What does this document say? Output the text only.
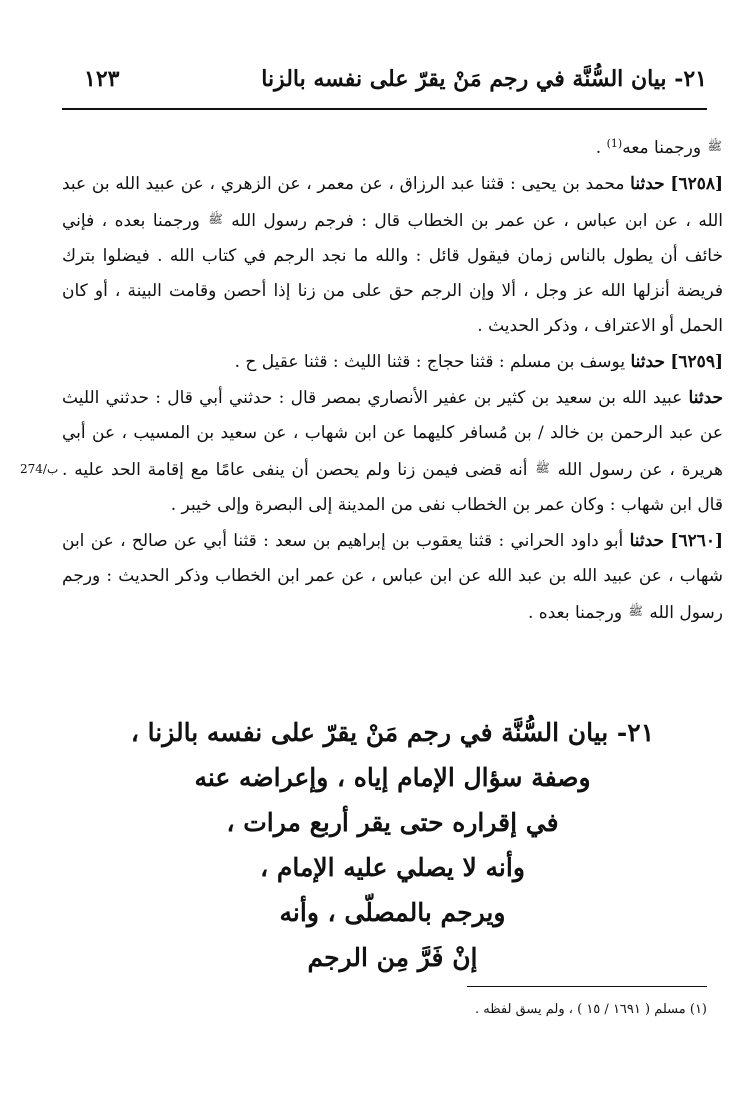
٢١- بيان السُّنَّة في رجم مَنْ يقرّ على نفسه بالزنا
١٢٣

ﷺ ورجمنا معه$^{(1)}$ .

[٦٢٥٨] حدثنا محمد بن يحيى : قثنا عبد الرزاق ، عن معمر ، عن الزهري ، عن عبيد الله بن عبد الله ، عن ابن عباس ، عن عمر بن الخطاب قال : فرجم رسول الله ﷺ ورجمنا بعده ، فإني خائف أن يطول بالناس زمان فيقول قائل : والله ما نجد الرجم في كتاب الله . فيضلوا بترك فريضة أنزلها الله عز وجل ، ألا وإن الرجم حق على من زنا إذا أحصن وقامت البينة ، أو كان الحمل أو الاعتراف ، وذكر الحديث .

[٦٢٥٩] حدثنا يوسف بن مسلم : قثنا حجاج : قثنا الليث : قثنا عقيل ح .

حدثنا عبيد الله بن سعيد بن كثير بن عفير الأنصاري بمصر قال : حدثني أبي قال : حدثني الليث عن عبد الرحمن بن خالد / بن مُسافر كليهما عن ابن شهاب ، عن سعيد بن المسيب ، عن أبي هريرة ، عن رسول الله ﷺ أنه قضى فيمن زنا ولم يحصن أن ينفى عامًا مع إقامة الحد عليه . قال ابن شهاب : وكان عمر بن الخطاب نفى من المدينة إلى البصرة وإلى خيبر .

[٦٢٦٠] حدثنا أبو داود الحراني : قثنا يعقوب بن إبراهيم بن سعد : قثنا أبي عن صالح ، عن ابن شهاب ، عن عبيد الله بن عبد الله عن ابن عباس ، عن عمر ابن الخطاب وذكر الحديث : ورجم رسول الله ﷺ ورجمنا بعده .

274/ب

٢١- بيان السُّنَّة في رجم مَنْ يقرّ على نفسه بالزنا ،

وصفة سؤال الإمام إياه ، وإعراضه عنه

في إقراره حتى يقر أربع مرات ،

وأنه لا يصلي عليه الإمام ،

ويرجم بالمصلّى ، وأنه

إنْ فَرَّ مِن الرجم

(١) مسلم ( ١٦٩١ / ١٥ ) ، ولم يسق لفظه .
